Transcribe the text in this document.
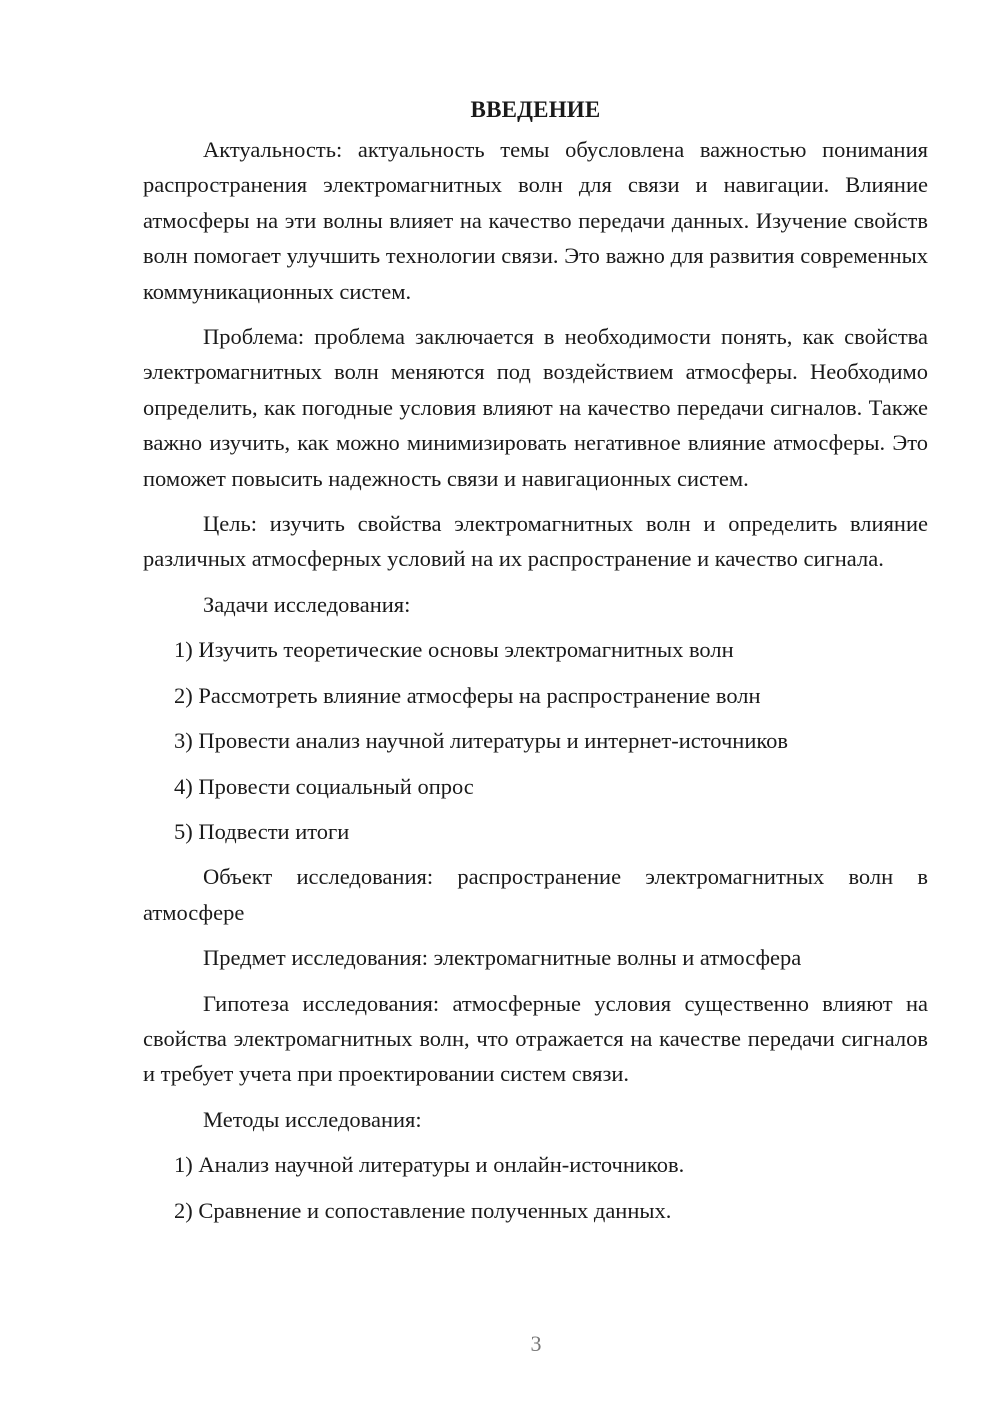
ВВЕДЕНИЕ

Актуальность: актуальность темы обусловлена важностью понимания распространения электромагнитных волн для связи и навигации. Влияние атмосферы на эти волны влияет на качество передачи данных. Изучение свойств волн помогает улучшить технологии связи. Это важно для развития современных коммуникационных систем.

Проблема: проблема заключается в необходимости понять, как свойства электромагнитных волн меняются под воздействием атмосферы. Необходимо определить, как погодные условия влияют на качество передачи сигналов. Также важно изучить, как можно минимизировать негативное влияние атмосферы. Это поможет повысить надежность связи и навигационных систем.

Цель: изучить свойства электромагнитных волн и определить влияние различных атмосферных условий на их распространение и качество сигнала.

Задачи исследования:

1) Изучить теоретические основы электромагнитных волн
2) Рассмотреть влияние атмосферы на распространение волн
3) Провести анализ научной литературы и интернет-источников
4) Провести социальный опрос
5) Подвести итоги

Объект исследования: распространение электромагнитных волн в атмосфере

Предмет исследования: электромагнитные волны и атмосфера

Гипотеза исследования: атмосферные условия существенно влияют на свойства электромагнитных волн, что отражается на качестве передачи сигналов и требует учета при проектировании систем связи.

Методы исследования:

1) Анализ научной литературы и онлайн-источников.
2) Сравнение и сопоставление полученных данных.
3
